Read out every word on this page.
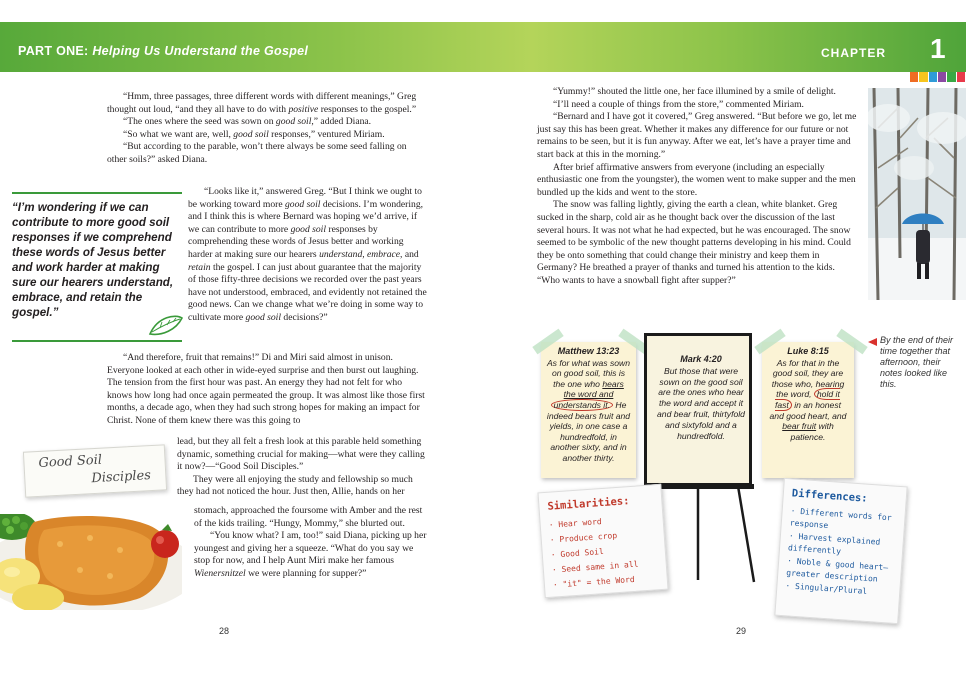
PART ONE: Helping Us Understand the Gospel	CHAPTER 1

“Hmm, three passages, three different words with different meanings,” Greg thought out loud, “and they all have to do with positive responses to the gospel.”

“The ones where the seed was sown on good soil,” added Diana.

“So what we want are, well, good soil responses,” ventured Miriam.

“But according to the parable, won’t there always be some seed falling on other soils?” asked Diana.

“I’m wondering if we can contribute to more good soil responses if we comprehend these words of Jesus better and work harder at making sure our hearers understand, embrace, and retain the gospel.”

“Looks like it,” answered Greg. “But I think we ought to be working toward more good soil decisions. I’m wondering, and I think this is where Bernard was hoping we’d arrive, if we can contribute to more good soil responses by comprehending these words of Jesus better and working harder at making sure our hearers understand, embrace, and retain the gospel. I can just about guarantee that the majority of those fifty-three decisions we recorded over the past years have not understood, embraced, and evidently not retained the good news. Can we change what we’re doing in some way to cultivate more good soil decisions?”

“And therefore, fruit that remains!” Di and Miri said almost in unison. Everyone looked at each other in wide-eyed surprise and then burst out laughing. The tension from the first hour was past. An energy they had not felt for who knows how long had once again permeated the group. It was almost like those first months, a decade ago, when they had such strong hopes for making an impact for Christ. None of them knew there was this going to

lead, but they all felt a fresh look at this parable held something dynamic, something crucial for making—what were they calling it now?—“Good Soil Disciples.”

They were all enjoying the study and fellowship so much they had not noticed the hour. Just then, Allie, hands on her

Good Soil
Disciples

stomach, approached the foursome with Amber and the rest of the kids trailing. “Hungy, Mommy,” she blurted out.

“You know what? I am, too!” said Diana, picking up her youngest and giving her a squeeze. “What do you say we stop for now, and I help Aunt Miri make her famous Wienersnitzel we were planning for supper?”

28

“Yummy!” shouted the little one, her face illumined by a smile of delight.

“I’ll need a couple of things from the store,” commented Miriam.

“Bernard and I have got it covered,” Greg answered. “But before we go, let me just say this has been great. Whether it makes any difference for our future or not remains to be seen, but it is fun anyway. After we eat, let’s have a prayer time and start back at this in the morning.”

After brief affirmative answers from everyone (including an especially enthusiastic one from the youngster), the women went to make supper and the men bundled up the kids and went to the store.

The snow was falling lightly, giving the earth a clean, white blanket. Greg sucked in the sharp, cold air as he thought back over the discussion of the last several hours. It was not what he had expected, but he was encouraged. The snow seemed to be symbolic of the new thought patterns developing in his mind. Could they be onto something that could change their ministry and keep them in Germany? He breathed a prayer of thanks and turned his attention to the kids. “Who wants to have a snowball fight after supper?”

By the end of their time together that afternoon, their notes looked like this.
Matthew 13:23
As for what was sown on good soil, this is the one who hears the word and understands it. He indeed bears fruit and yields, in one case a hundredfold, in another sixty, and in another thirty.
Mark 4:20
But those that were sown on the good soil are the ones who hear the word and accept it and bear fruit, thirtyfold and sixtyfold and a hundredfold.
Luke 8:15
As for that in the good soil, they are those who, hearing the word, hold it fast in an honest and good heart, and bear fruit with patience.
Similarities:
· Hear word
· Produce crop
· Good Soil
· Seed same in all
· "it" = the Word
Differences:
· Different words for response
· Harvest explained differently
· Noble & good heart— greater description
· Singular/Plural
29
